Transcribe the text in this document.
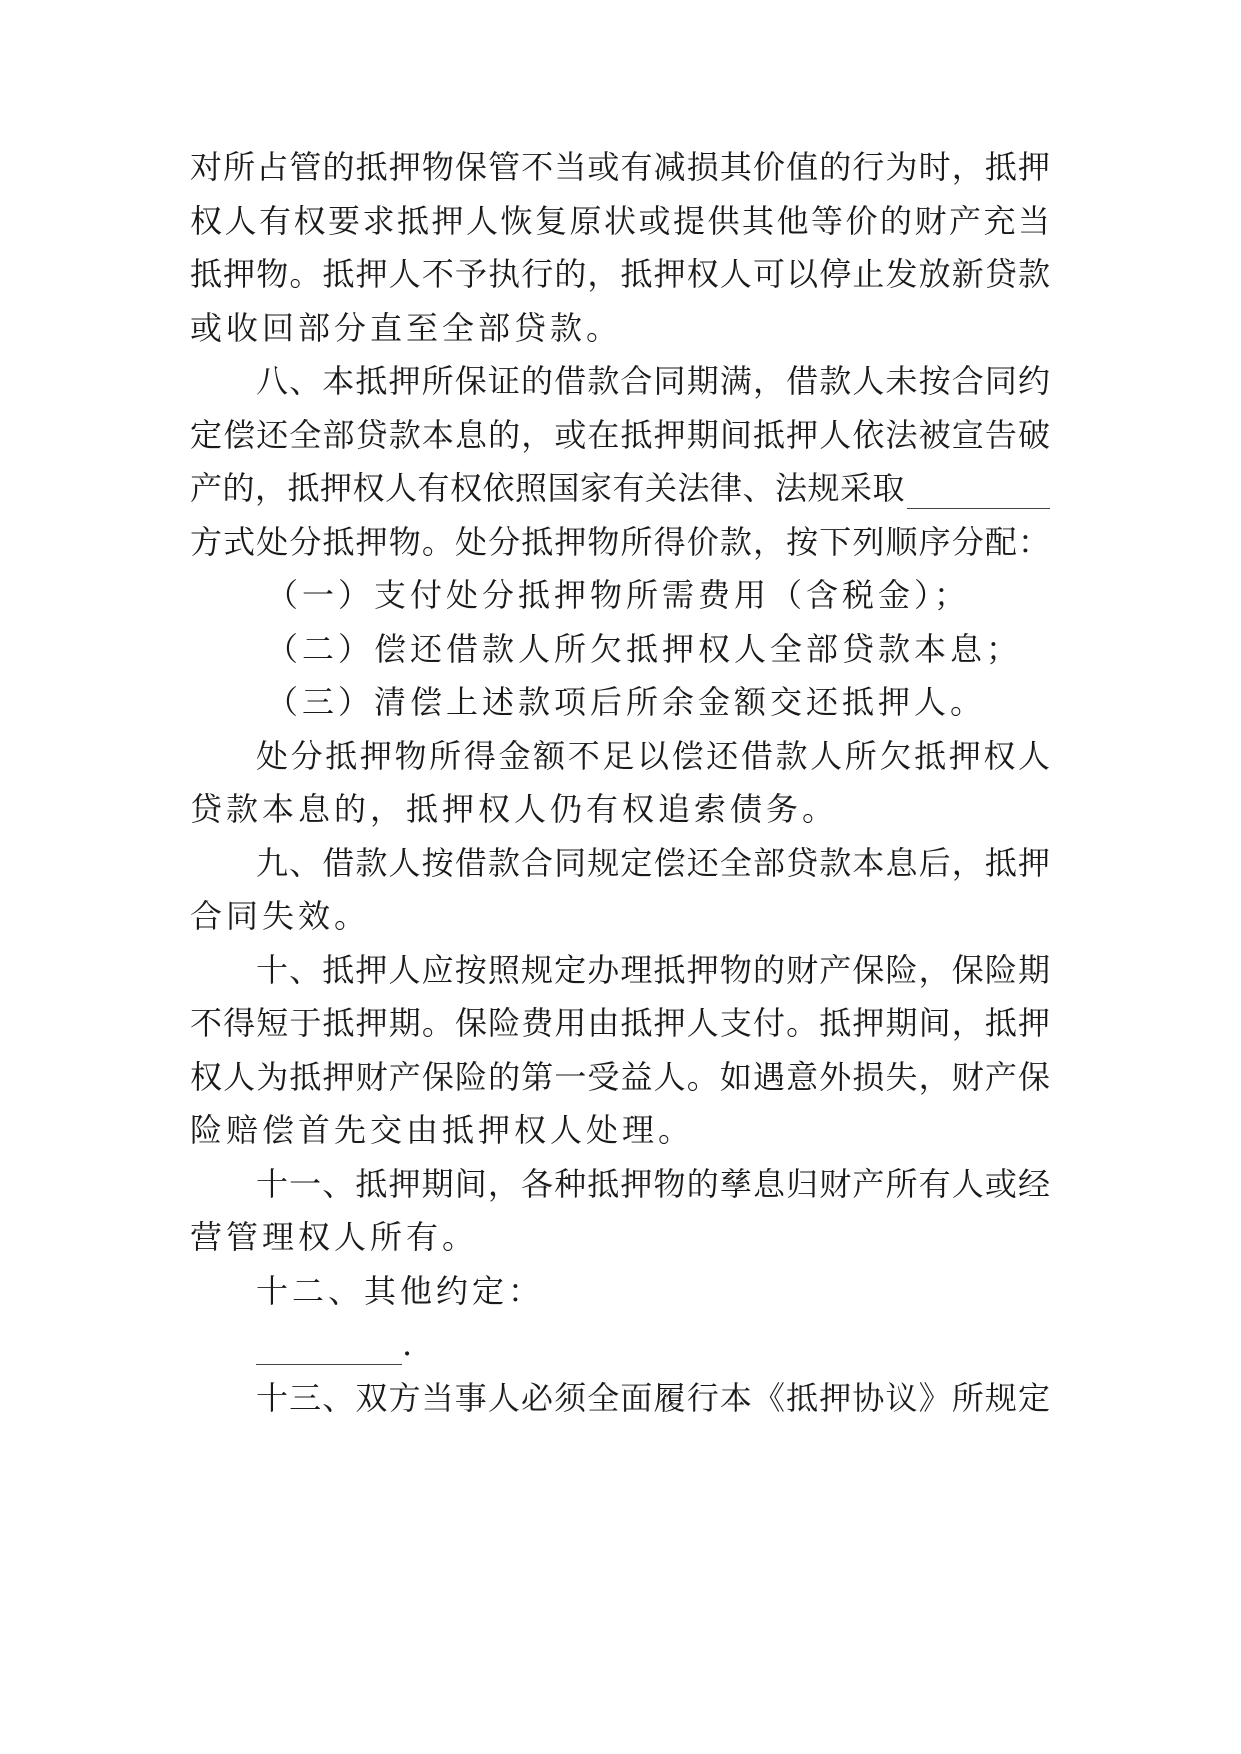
对所占管的抵押物保管不当或有减损其价值的行为时，抵押
权人有权要求抵押人恢复原状或提供其他等价的财产充当
抵押物。抵押人不予执行的，抵押权人可以停止发放新贷款
或收回部分直至全部贷款。
八、本抵押所保证的借款合同期满，借款人未按合同约
定偿还全部贷款本息的，或在抵押期间抵押人依法被宣告破
产的，抵押权人有权依照国家有关法律、法规采取
方式处分抵押物。处分抵押物所得价款，按下列顺序分配：
（一）支付处分抵押物所需费用（含税金）；
（二）偿还借款人所欠抵押权人全部贷款本息；
（三）清偿上述款项后所余金额交还抵押人。
处分抵押物所得金额不足以偿还借款人所欠抵押权人
贷款本息的，抵押权人仍有权追索债务。
九、借款人按借款合同规定偿还全部贷款本息后，抵押
合同失效。
十、抵押人应按照规定办理抵押物的财产保险，保险期
不得短于抵押期。保险费用由抵押人支付。抵押期间，抵押
权人为抵押财产保险的第一受益人。如遇意外损失，财产保
险赔偿首先交由抵押权人处理。
十一、抵押期间，各种抵押物的孳息归财产所有人或经
营管理权人所有。
十二、其他约定：
.
十三、双方当事人必须全面履行本《抵押协议》所规定
